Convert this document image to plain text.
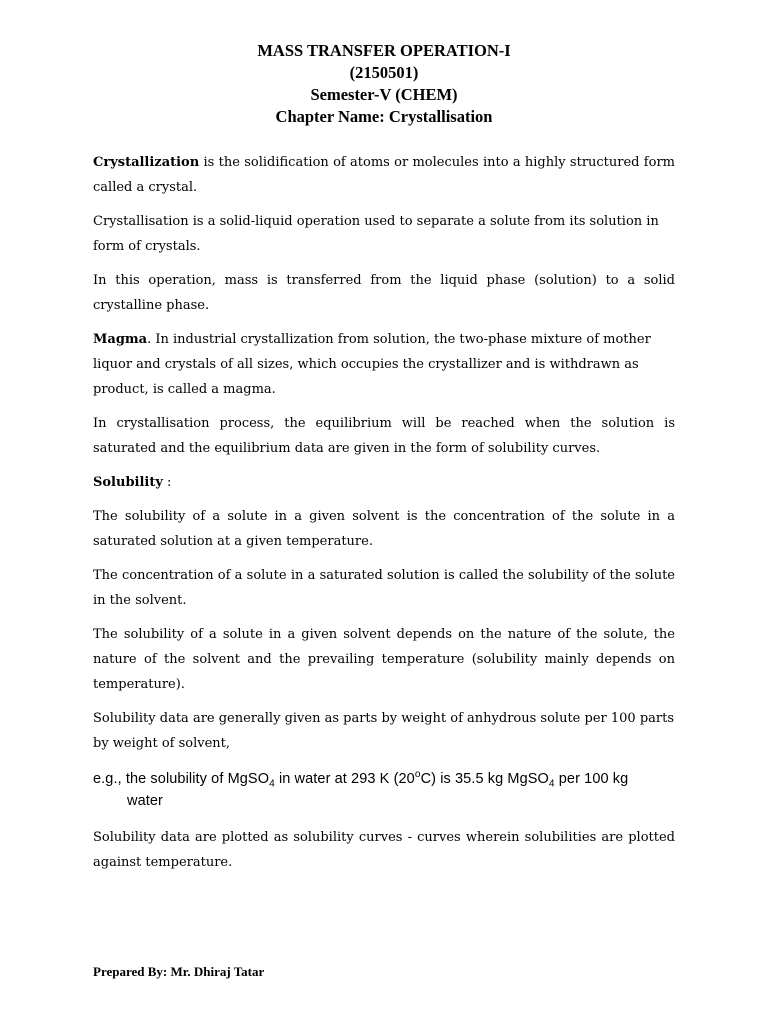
MASS TRANSFER OPERATION-I
(2150501)
Semester-V (CHEM)
Chapter Name: Crystallisation

Crystallization is the solidification of atoms or molecules into a highly structured form called a crystal.

Crystallisation is a solid-liquid operation used to separate a solute from its solution in form of crystals.

In this operation, mass is transferred from the liquid phase (solution) to a solid crystalline phase.

Magma. In industrial crystallization from solution, the two-phase mixture of mother liquor and crystals of all sizes, which occupies the crystallizer and is withdrawn as product, is called a magma.

In crystallisation process, the equilibrium will be reached when the solution is saturated and the equilibrium data are given in the form of solubility curves.

Solubility :

The solubility of a solute in a given solvent is the concentration of the solute in a saturated solution at a given temperature.

The concentration of a solute in a saturated solution is called the solubility of the solute in the solvent.

The solubility of a solute in a given solvent depends on the nature of the solute, the nature of the solvent and the prevailing temperature (solubility mainly depends on temperature).

Solubility data are generally given as parts by weight of anhydrous solute per 100 parts by weight of solvent,

e.g., the solubility of MgSO$_4$ in water at 293 K (20$^o$C) is 35.5 kg MgSO$_4$ per 100 kg
water

Solubility data are plotted as solubility curves - curves wherein solubilities are plotted against temperature.

Prepared By: Mr. Dhiraj Tatar
